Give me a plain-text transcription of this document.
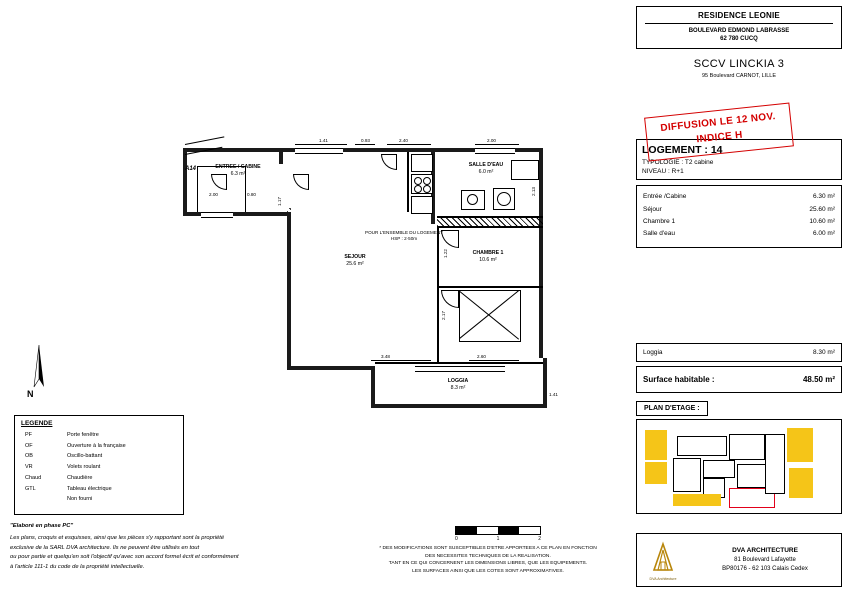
RESIDENCE LEONIE
BOULEVARD EDMOND LABRASSE
62 780 CUCQ
SCCV LINCKIA 3
95 Boulevard CARNOT, LILLE
LOGEMENT : 14
TYPOLOGIE : T2 cabine
NIVEAU : R+1
Entrée /Cabine	6.30 m²
Séjour	25.60 m²
Chambre 1	10.60 m²
Salle d'eau	6.00 m²
Loggia	8.30 m²
Surface habitable :	48.50 m²
PLAN D'ETAGE :
DIFFUSION LE 12 NOV.
INDICE H
DVA Architecture
DVA ARCHITECTURE
81 Boulevard Lafayette
BP80176 - 62 103 Calais Cedex
LEGENDE
PF	Porte fenêtre
OF	Ouverture à la française
OB	Oscillo-battant
VR	Volets roulant
Chaud	Chaudière
GTL	Tableau électrique
Non fourni
"Elaboré en phase PC"
Les plans, croquis et esquisses, ainsi que les pièces s'y rapportant sont la propriété
exclusive de la SARL DVA architecture. Ils ne peuvent être utilisés en tout
ou pour partie et quelqu'en soit l'objectif qu'avec son accord formel écrit et conformément
à l'article 111-1 du code de la propriété intellectuelle.
* DES MODIFICATIONS SONT SUSCEPTIBLES D'ETRE APPORTEES A CE PLAN EN FONCTION
DES NECESSITES TECHNIQUES DE LA REALISATION.
TANT EN CE QUI CONCERNENT LES DIMENSIONS LIBRES, QUE LES EQUIPEMENTS.
LES SURFACES AINSI QUE LES COTES SONT APPROXIMATIVES.
0	1	2
N
A14	ENTREE / CABINE
6.3 m²
SALLE D'EAU
6.0 m²
SEJOUR
25.6 m²
CHAMBRE 1
10.6 m²
LOGGIA
8.3 m²
POUR L'ENSEMBLE DU LOGEMENT
HSP : 2·50m
1.41	0.93	2.40	2.00
2.00	0.80
1.17
2.13
1.22
2.17
3.48	2.60
1.41
